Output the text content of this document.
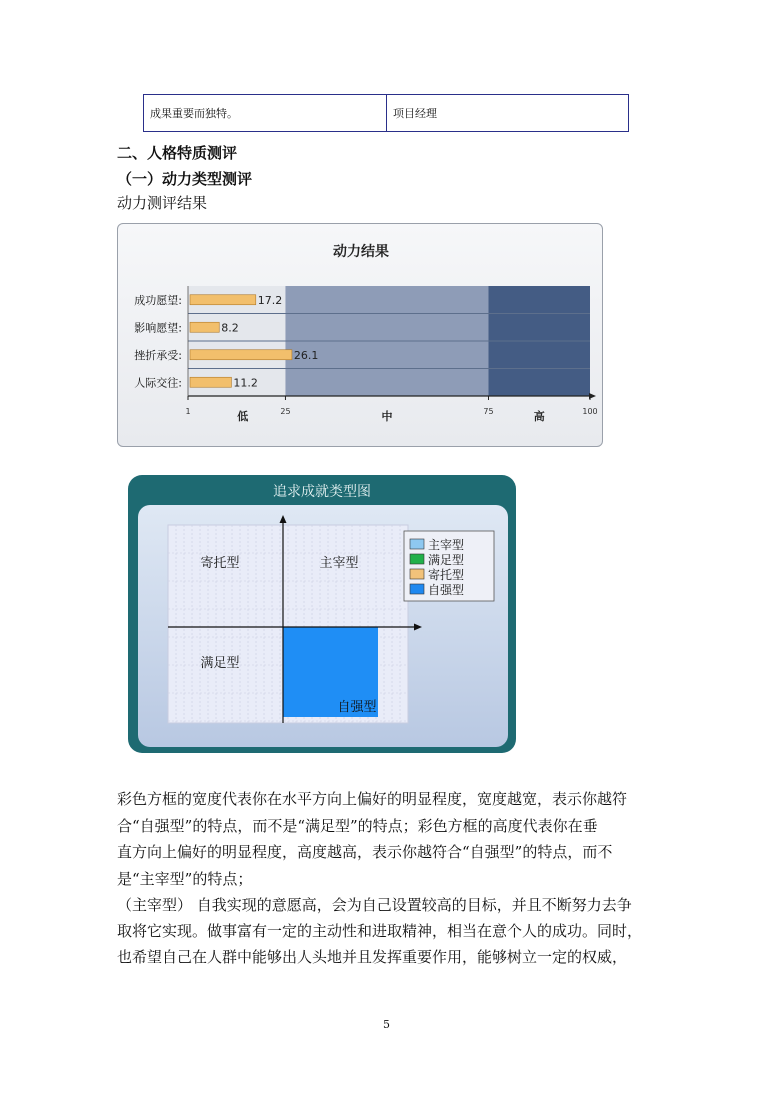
成果重要而独特。	项目经理
二、人格特质测评
（一）动力类型测评
动力测评结果
动力结果
成功愿望:	17.2
影响愿望:	8.2
挫折承受:	26.1
人际交往:	11.2
1	25	75	100
低	中	高
追求成就类型图
寄托型	主宰型
满足型
自强型
主宰型
满足型
寄托型
自强型
彩色方框的宽度代表你在水平方向上偏好的明显程度，宽度越宽，表示你越符
合“自强型”的特点，而不是“满足型”的特点；彩色方框的高度代表你在垂
直方向上偏好的明显程度，高度越高，表示你越符合“自强型”的特点，而不
是“主宰型”的特点；
（主宰型） 自我实现的意愿高，会为自己设置较高的目标，并且不断努力去争
取将它实现。做事富有一定的主动性和进取精神，相当在意个人的成功。同时，
也希望自己在人群中能够出人头地并且发挥重要作用，能够树立一定的权威，
5
